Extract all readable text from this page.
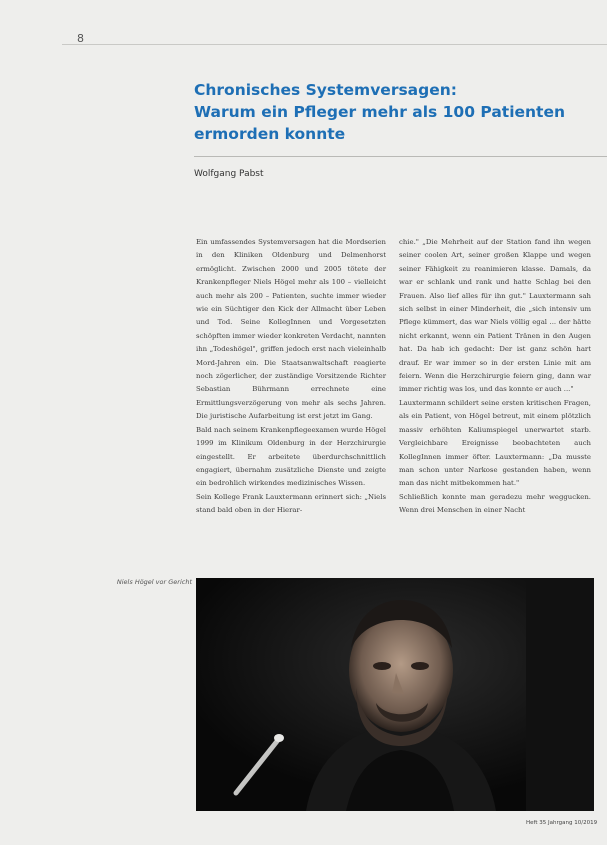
8
Chronisches Systemversagen:
Warum ein Pfleger mehr als 100 Patienten
ermorden konnte
Wolfgang Pabst

Ein umfassendes Systemversagen hat die Mordserien in den Kliniken Oldenburg und Delmenhorst ermöglicht. Zwischen 2000 und 2005 tötete der Krankenpfleger Niels Högel mehr als 100 – vielleicht auch mehr als 200 – Patienten, suchte immer wieder wie ein Süchtiger den Kick der Allmacht über Leben und Tod. Seine KollegInnen und Vorgesetzten schöpften immer wieder konkreten Verdacht, nannten ihn „Todeshögel", griffen jedoch erst nach vieleinhalb Mord-Jahren ein. Die Staatsanwaltschaft reagierte noch zögerlicher, der zuständige Vorsitzende Richter Sebastian Bührmann errechnete eine Ermittlungsverzögerung von mehr als sechs Jahren. Die juristische Aufarbeitung ist erst jetzt im Gang.

Bald nach seinem Krankenpflegeexamen wurde Högel 1999 im Klinikum Oldenburg in der Herzchirurgie eingestellt. Er arbeitete überdurchschnittlich engagiert, übernahm zusätzliche Dienste und zeigte ein bedrohlich wirkendes medizinisches Wissen.

Sein Kollege Frank Lauxtermann erinnert sich: „Niels stand bald oben in der Hierar-

chie." „Die Mehrheit auf der Station fand ihn wegen seiner coolen Art, seiner großen Klappe und wegen seiner Fähigkeit zu reanimieren klasse. Damals, da war er schlank und rank und hatte Schlag bei den Frauen. Also lief alles für ihn gut." Lauxtermann sah sich selbst in einer Minderheit, die „sich intensiv um Pflege kümmert, das war Niels völlig egal ... der hätte nicht erkannt, wenn ein Patient Tränen in den Augen hat. Da hab ich gedacht: Der ist ganz schön hart drauf. Er war immer so in der ersten Linie mit am feiern. Wenn die Herzchirurgie feiern ging, dann war immer richtig was los, und das konnte er auch ..."

Lauxtermann schildert seine ersten kritischen Fragen, als ein Patient, von Högel betreut, mit einem plötzlich massiv erhöhten Kaliumspiegel unerwartet starb. Vergleichbare Ereignisse beobachteten auch KollegInnen immer öfter. Lauxtermann: „Da musste man schon unter Narkose gestanden haben, wenn man das nicht mitbekommen hat."

Schließlich konnte man geradezu mehr weggucken. Wenn drei Menschen in einer Nacht

Niels Högel vor Gericht
Heft 35 Jahrgang 10/2019
